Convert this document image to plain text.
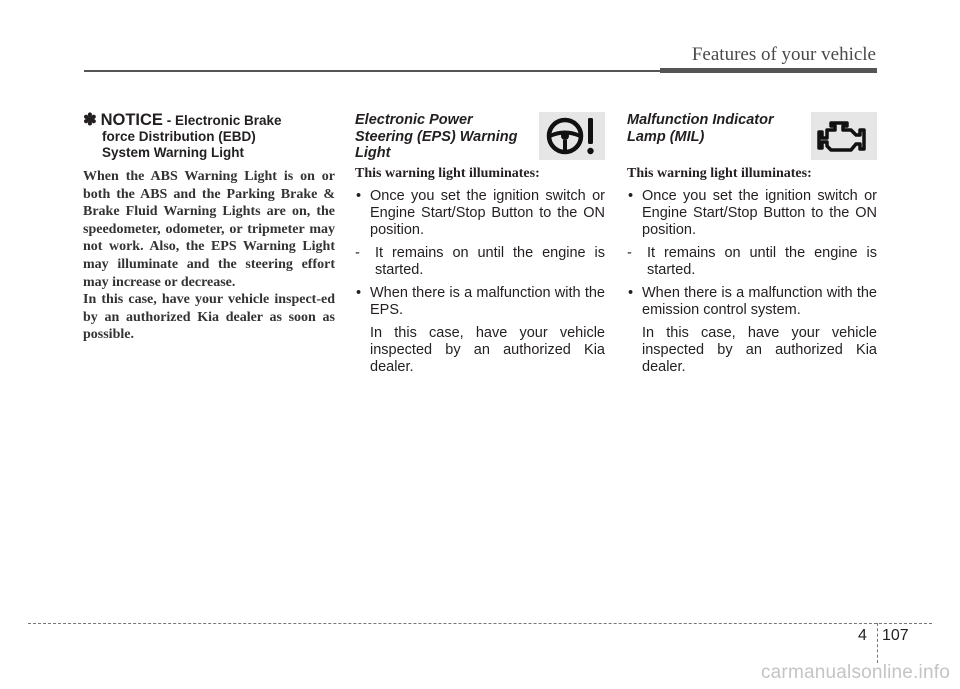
Features of your vehicle
✽ NOTICE - Electronic Brake
force Distribution (EBD)
System Warning Light

When the ABS Warning Light is on or both the ABS and the Parking Brake & Brake Fluid Warning Lights are on, the speedometer, odometer, or tripmeter may not work. Also, the EPS Warning Light may illuminate and the steering effort may increase or decrease.

In this case, have your vehicle inspect-ed by an authorized Kia dealer as soon as possible.

Electronic Power
Steering (EPS) Warning
Light
This warning light illuminates:
• Once you set the ignition switch or Engine Start/Stop Button to the ON position.
- It remains on until the engine is started.
• When there is a malfunction with the EPS.
In this case, have your vehicle inspected by an authorized Kia dealer.
Malfunction Indicator
Lamp (MIL)
This warning light illuminates:
• Once you set the ignition switch or Engine Start/Stop Button to the ON position.
- It remains on until the engine is started.
• When there is a malfunction with the emission control system.
In this case, have your vehicle inspected by an authorized Kia dealer.
4 107
carmanualsonline.info
